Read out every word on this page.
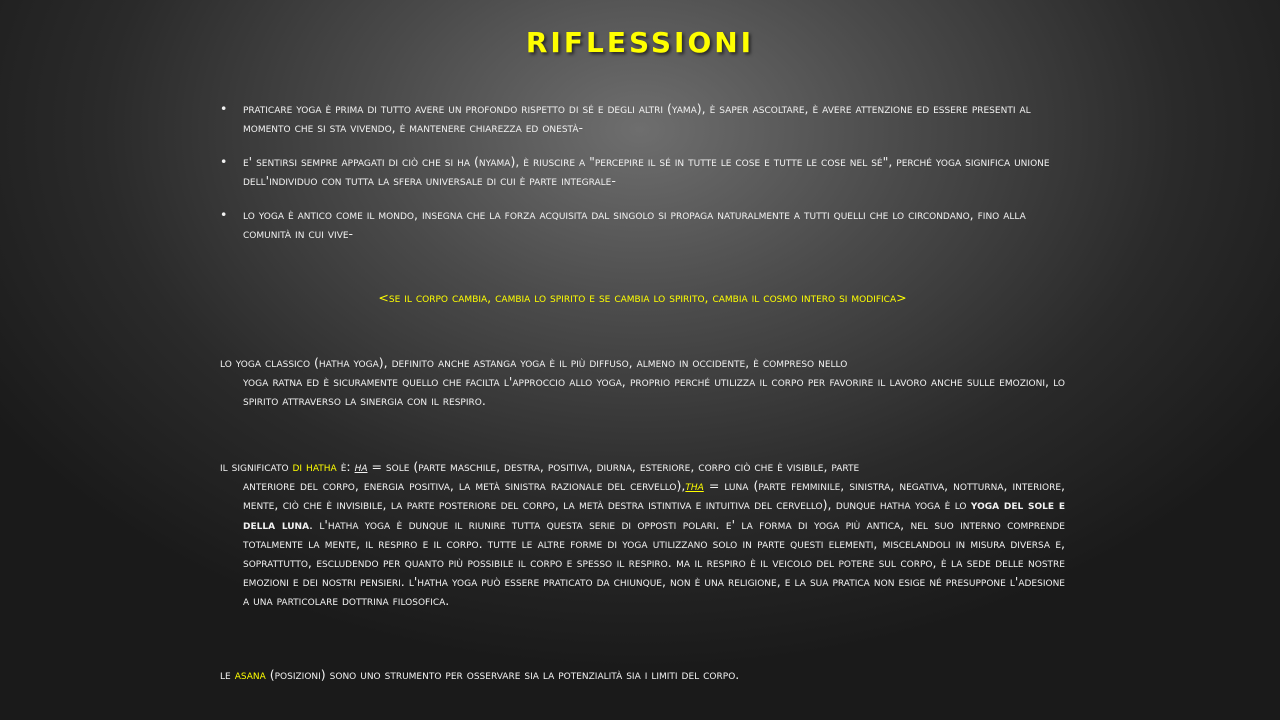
RIFLESSIONI
• praticare yoga è prima di tutto avere un profondo rispetto di sé e degli altri (yama), è saper ascoltare, è avere attenzione ed essere presenti al momento che si sta vivendo, è mantenere chiarezza ed onestà-
• e' sentirsi sempre appagati di ciò che si ha (nyama), è riuscire a "percepire il sé in tutte le cose e tutte le cose nel sé", perché yoga significa unione dell'individuo con tutta la sfera universale di cui è parte integrale-
• lo yoga è antico come il mondo, insegna che la forza acquisita dal singolo si propaga naturalmente a tutti quelli che lo circondano, fino alla comunità in cui vive-
<se il corpo cambia, cambia lo spirito e se cambia lo spirito, cambia il cosmo intero si modifica>
lo yoga classico (hatha yoga), definito anche astanga yoga è il più diffuso, almeno in occidente, è compreso nello
yoga ratna ed è sicuramente quello che facilta l'approccio allo yoga, proprio perché utilizza il corpo per favorire il lavoro anche sulle emozioni, lo spirito attraverso la sinergia con il respiro.
il significato di hatha è: ha = sole (parte maschile, destra, positiva, diurna, esteriore, corpo ciò che è visibile, parte
anteriore del corpo, energia positiva, la metà sinistra razionale del cervello),tha = luna (parte femminile, sinistra, negativa, notturna, interiore, mente, ciò che è invisibile, la parte posteriore del corpo, la metà destra istintiva e intuitiva del cervello), dunque hatha yoga è lo yoga del sole e della luna. l'hatha yoga è dunque il riunire tutta questa serie di opposti polari. e' la forma di yoga più antica, nel suo interno comprende totalmente la mente, il respiro e il corpo. tutte le altre forme di yoga utilizzano solo in parte questi elementi, miscelandoli in misura diversa e, soprattutto, escludendo per quanto più possibile il corpo e spesso il respiro. ma il respiro è il veicolo del potere sul corpo, è la sede delle nostre emozioni e dei nostri pensieri. l'hatha yoga può essere praticato da chiunque, non è una religione, e la sua pratica non esige né presuppone l'adesione a una particolare dottrina filosofica.
le asana (posizioni) sono uno strumento per osservare sia la potenzialità sia i limiti del corpo.
